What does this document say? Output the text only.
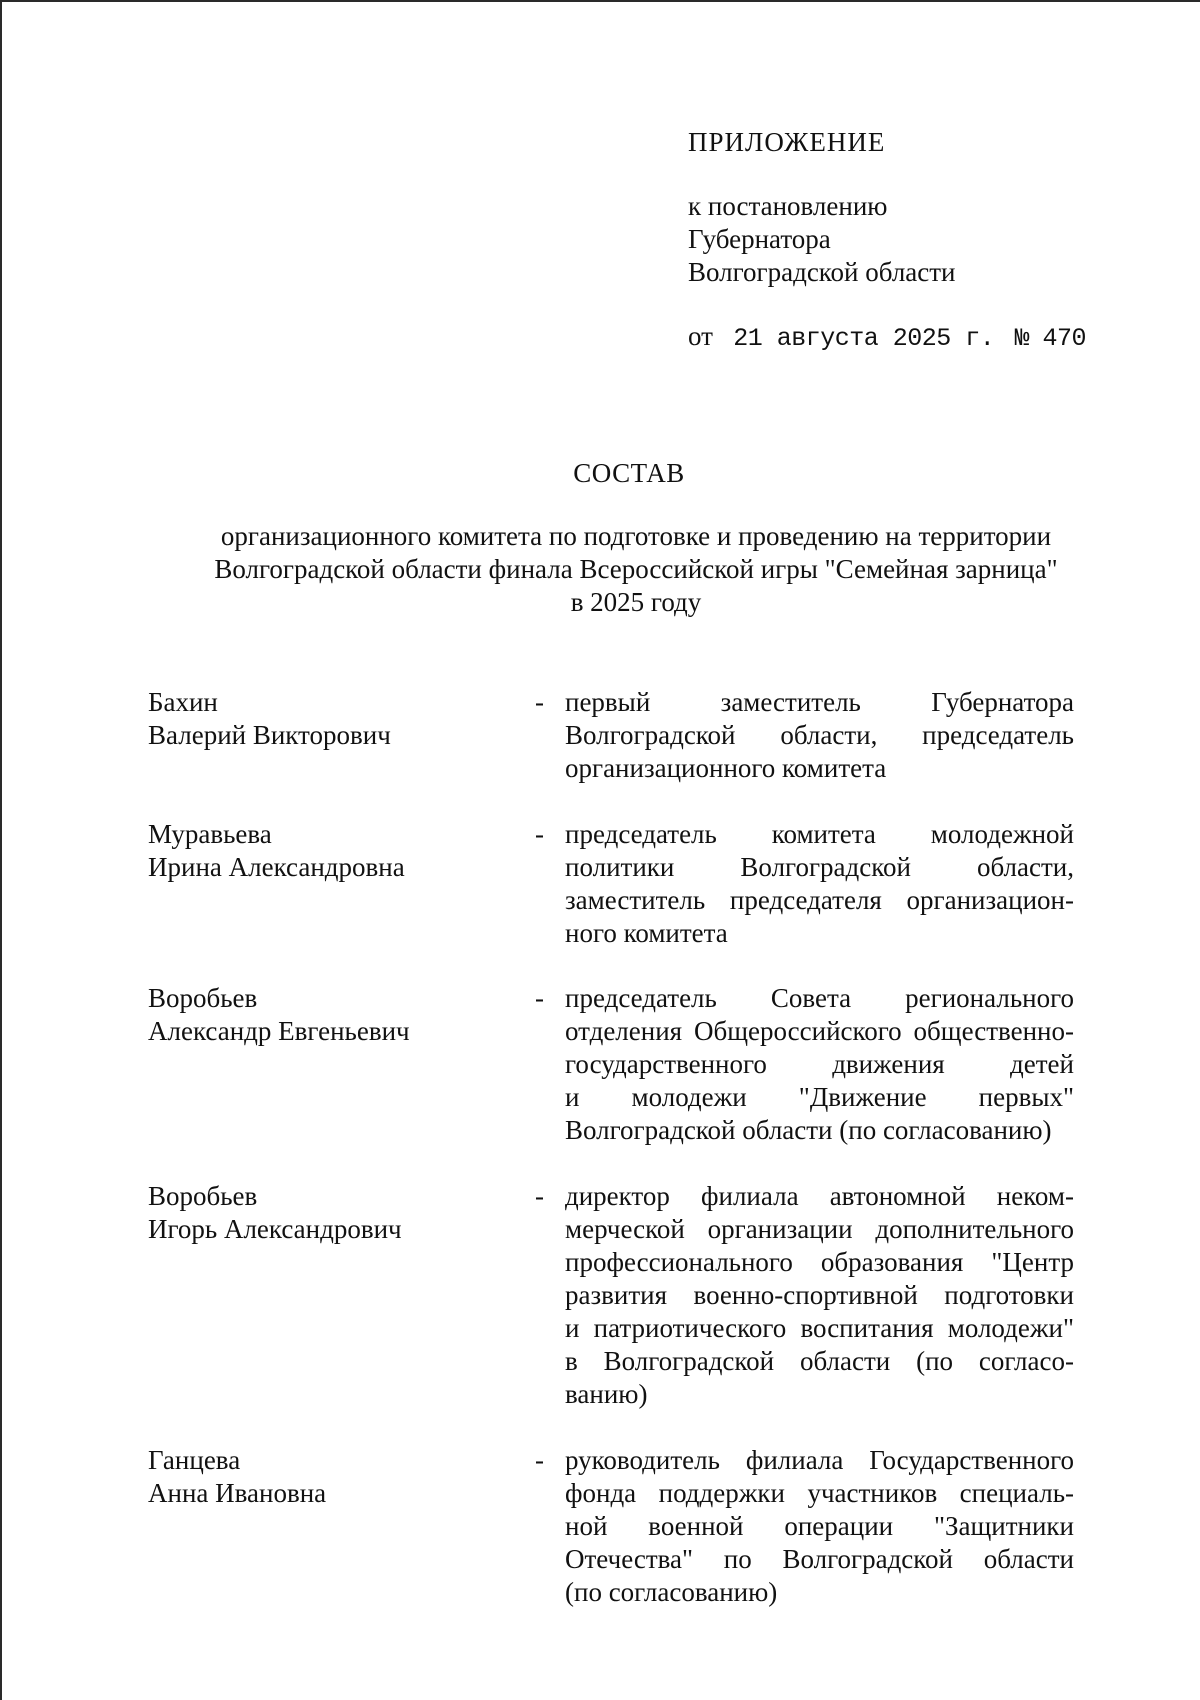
ПРИЛОЖЕНИЕ
к постановлению
Губернатора
Волгоградской области
от 21 августа 2025 г. № 470
СОСТАВ
организационного комитета по подготовке и проведению на территории
Волгоградской области финала Всероссийской игры "Семейная зарница"
в 2025 году
Бахин
Валерий Викторович
- первый заместитель Губернатора
Волгоградской области, председатель
организационного комитета
Муравьева
Ирина Александровна
- председатель комитета молодежной
политики Волгоградской области,
заместитель председателя организацион-
ного комитета
Воробьев
Александр Евгеньевич
- председатель Совета регионального
отделения Общероссийского общественно-
государственного движения детей
и молодежи "Движение первых"
Волгоградской области (по согласованию)
Воробьев
Игорь Александрович
- директор филиала автономной неком-
мерческой организации дополнительного
профессионального образования "Центр
развития военно-спортивной подготовки
и патриотического воспитания молодежи"
в Волгоградской области (по согласо-
ванию)
Ганцева
Анна Ивановна
- руководитель филиала Государственного
фонда поддержки участников специаль-
ной военной операции "Защитники
Отечества" по Волгоградской области
(по согласованию)
